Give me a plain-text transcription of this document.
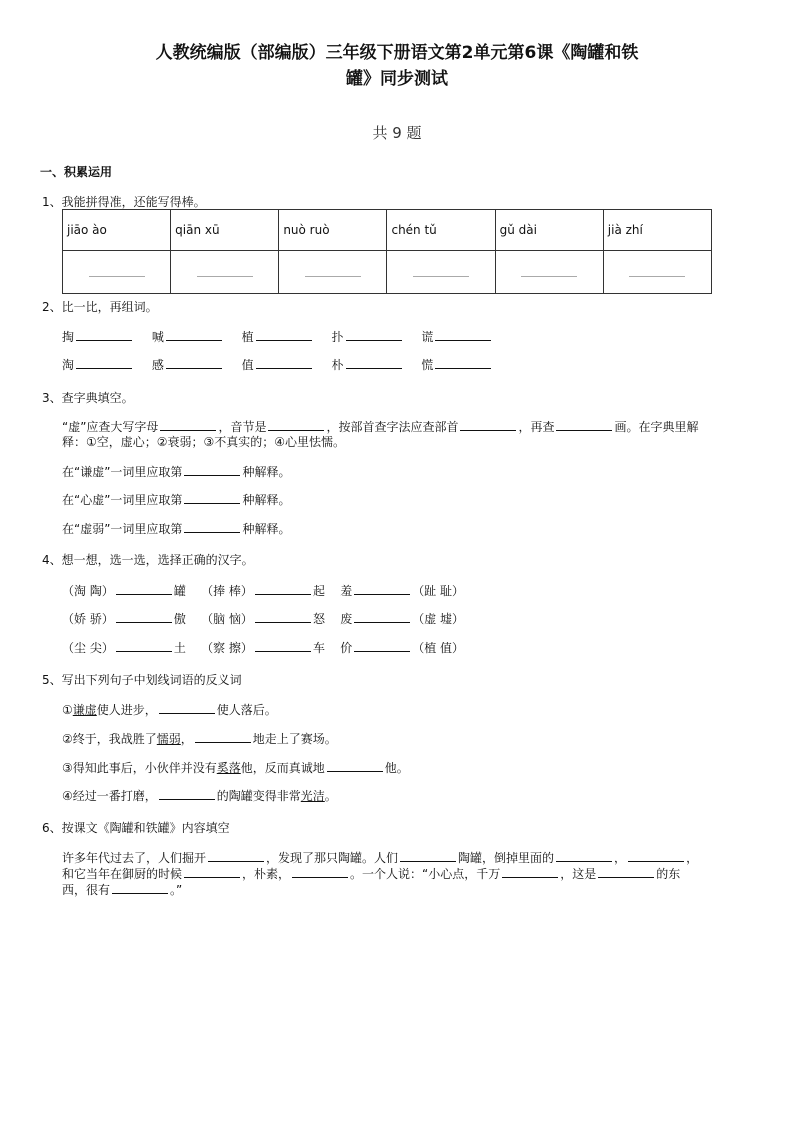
人教统编版（部编版）三年级下册语文第2单元第6课《陶罐和铁
罐》同步测试
共 9 题
一、积累运用
1、我能拼得准，还能写得棒。
jiāo ào	qiān xū	nuò ruò	chén tǔ	gǔ dài	jià zhí

2、比一比，再组词。
掏	喊	植	扑	谎
淘	感	值	朴	慌
3、查字典填空。
“虚”应查大写字母	，音节是	，按部首查字法应查部首	，再查	画。在字典里解
释：①空，虚心；②衰弱；③不真实的；④心里怯懦。
在“谦虚”一词里应取第	种解释。
在“心虚”一词里应取第	种解释。
在“虚弱”一词里应取第	种解释。
4、想一想，选一选，选择正确的汉字。
（淘 陶）	罐 （捧 棒）	起 羞	（趾 耻）
（娇 骄）	傲 （脑 恼）	怒 废	（虚 墟）
（尘 尖）	土 （察 擦）	车 价	（植 值）
5、写出下列句子中划线词语的反义词
①谦虚使人进步，	使人落后。
②终于，我战胜了懦弱，	地走上了赛场。
③得知此事后，小伙伴并没有奚落他，反而真诚地	他。
④经过一番打磨，	的陶罐变得非常光洁。
6、按课文《陶罐和铁罐》内容填空
许多年代过去了，人们掘开	，发现了那只陶罐。人们	陶罐，倒掉里面的	，	，
和它当年在御厨的时候	，朴素，	。一个人说：“小心点，千万	，这是	的东
西，很有	。”
